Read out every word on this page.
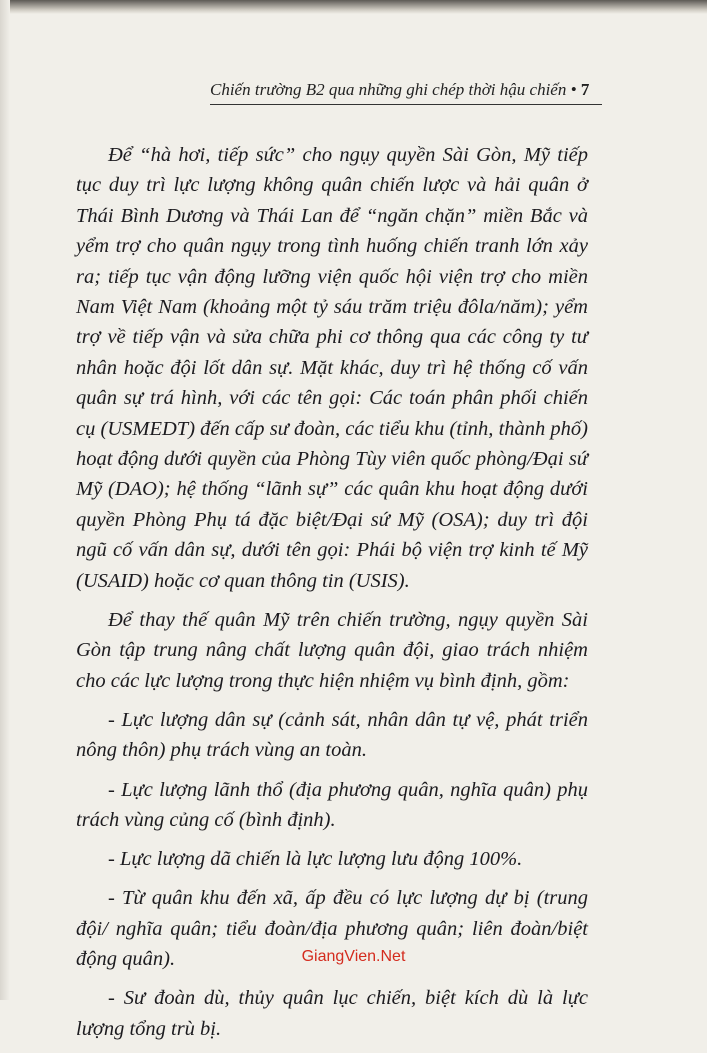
Chiến trường B2 qua những ghi chép thời hậu chiến • 7

Để “hà hơi, tiếp sức” cho ngụy quyền Sài Gòn, Mỹ tiếp tục duy trì lực lượng không quân chiến lược và hải quân ở Thái Bình Dương và Thái Lan để “ngăn chặn” miền Bắc và yểm trợ cho quân ngụy trong tình huống chiến tranh lớn xảy ra; tiếp tục vận động lưỡng viện quốc hội viện trợ cho miền Nam Việt Nam (khoảng một tỷ sáu trăm triệu đôla/năm); yểm trợ về tiếp vận và sửa chữa phi cơ thông qua các công ty tư nhân hoặc đội lốt dân sự. Mặt khác, duy trì hệ thống cố vấn quân sự trá hình, với các tên gọi: Các toán phân phối chiến cụ (USMEDT) đến cấp sư đoàn, các tiểu khu (tỉnh, thành phố) hoạt động dưới quyền của Phòng Tùy viên quốc phòng/Đại sứ Mỹ (DAO); hệ thống “lãnh sự” các quân khu hoạt động dưới quyền Phòng Phụ tá đặc biệt/Đại sứ Mỹ (OSA); duy trì đội ngũ cố vấn dân sự, dưới tên gọi: Phái bộ viện trợ kinh tế Mỹ (USAID) hoặc cơ quan thông tin (USIS).

Để thay thế quân Mỹ trên chiến trường, ngụy quyền Sài Gòn tập trung nâng chất lượng quân đội, giao trách nhiệm cho các lực lượng trong thực hiện nhiệm vụ bình định, gồm:

- Lực lượng dân sự (cảnh sát, nhân dân tự vệ, phát triển nông thôn) phụ trách vùng an toàn.

- Lực lượng lãnh thổ (địa phương quân, nghĩa quân) phụ trách vùng củng cố (bình định).

- Lực lượng dã chiến là lực lượng lưu động 100%.

- Từ quân khu đến xã, ấp đều có lực lượng dự bị (trung đội/ nghĩa quân; tiểu đoàn/địa phương quân; liên đoàn/biệt động quân).

- Sư đoàn dù, thủy quân lục chiến, biệt kích dù là lực lượng tổng trù bị.

GiangVien.Net
